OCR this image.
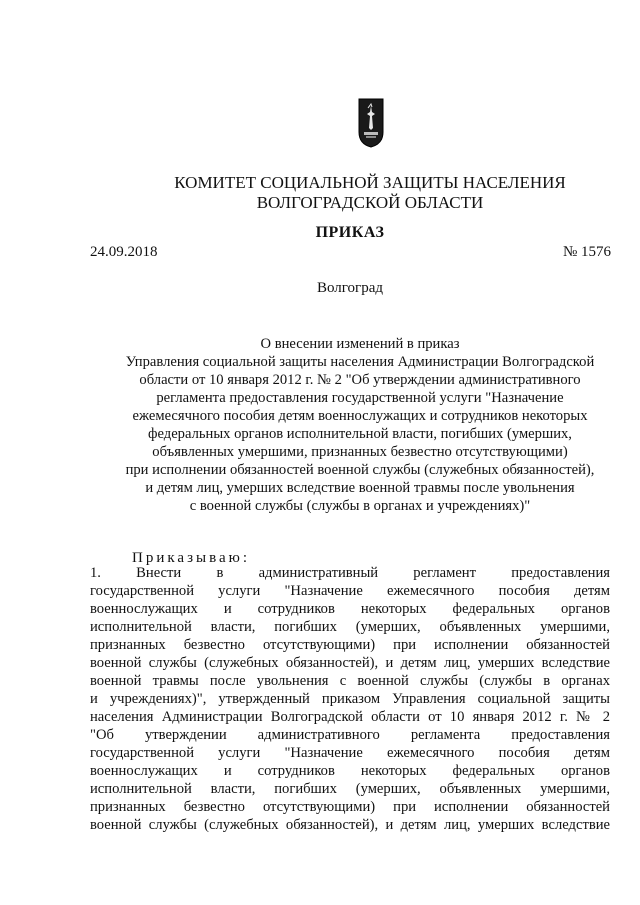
КОМИТЕТ СОЦИАЛЬНОЙ ЗАЩИТЫ НАСЕЛЕНИЯ

ВОЛГОГРАДСКОЙ ОБЛАСТИ

ПРИКАЗ

24.09.2018	№ 1576

Волгоград

О внесении изменений в приказ
Управления социальной защиты населения Администрации Волгоградской
области от 10 января 2012 г. № 2 "Об утверждении административного
регламента предоставления государственной услуги "Назначение
ежемесячного пособия детям военнослужащих и сотрудников некоторых
федеральных органов исполнительной власти, погибших (умерших,
объявленных умершими, признанных безвестно отсутствующими)
при исполнении обязанностей военной службы (служебных обязанностей),
и детям лиц, умерших вследствие военной травмы после увольнения
с военной службы (службы в органах и учреждениях)"

Приказываю:

1. Внести в административный регламент предоставления
государственной услуги "Назначение ежемесячного пособия детям
военнослужащих и сотрудников некоторых федеральных органов
исполнительной власти, погибших (умерших, объявленных умершими,
признанных безвестно отсутствующими) при исполнении обязанностей
военной службы (служебных обязанностей), и детям лиц, умерших вследствие
военной травмы после увольнения с военной службы (службы в органах
и учреждениях)", утвержденный приказом Управления социальной защиты
населения Администрации Волгоградской области от 10 января 2012 г. № 2
"Об утверждении административного регламента предоставления
государственной услуги "Назначение ежемесячного пособия детям
военнослужащих и сотрудников некоторых федеральных органов
исполнительной власти, погибших (умерших, объявленных умершими,
признанных безвестно отсутствующими) при исполнении обязанностей
военной службы (служебных обязанностей), и детям лиц, умерших вследствие
